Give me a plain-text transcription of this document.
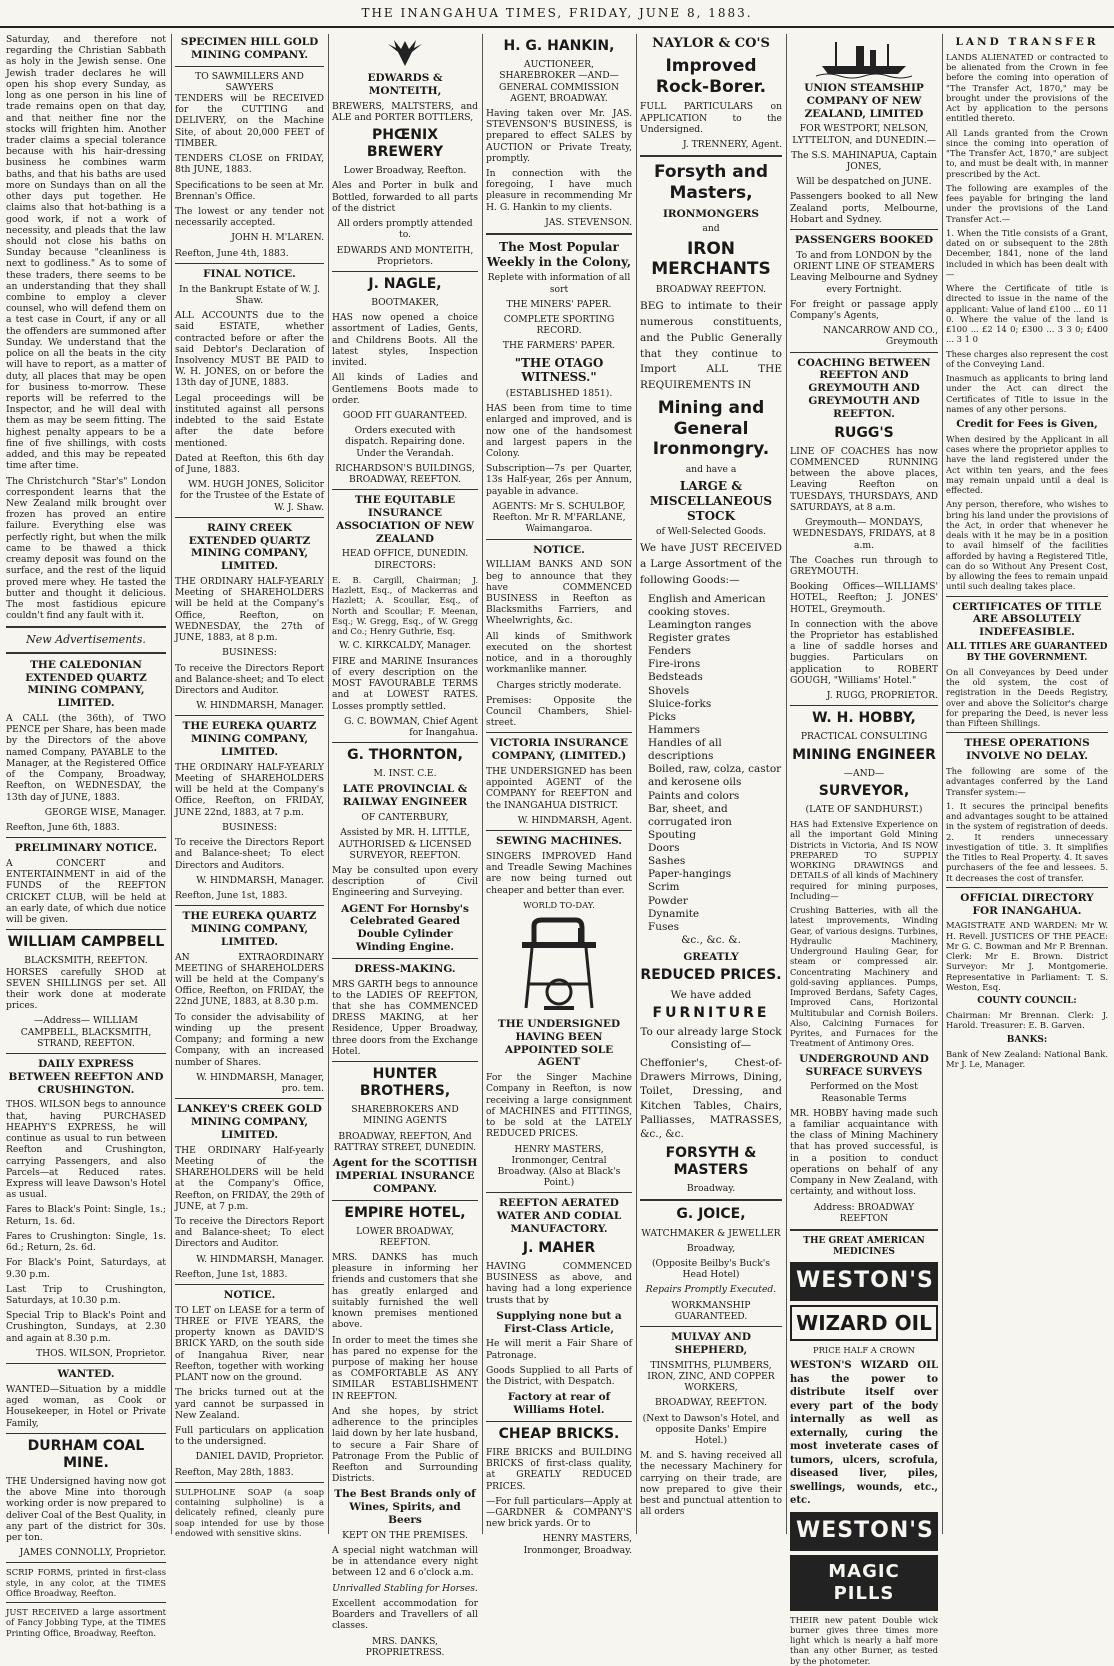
THE INANGAHUA TIMES, FRIDAY, JUNE 8, 1883.

Saturday, and therefore not regarding the Christian Sabbath as holy in the Jewish sense. One Jewish trader declares he will open his shop every Sunday, as long as one person in his line of trade remains open on that day, and that neither fine nor the stocks will frighten him. Another trader claims a special tolerance because with his hair-dressing business he combines warm baths, and that his baths are used more on Sundays than on all the other days put together. He claims also that hot-bathing is a good work, if not a work of necessity, and pleads that the law should not close his baths on Sunday because "cleanliness is next to godliness." As to some of these traders, there seems to be an understanding that they shall combine to employ a clever counsel, who will defend them on a test case in Court, if any or all the offenders are summoned after Sunday. We understand that the police on all the beats in the city will have to report, as a matter of duty, all places that may be open for business to-morrow. These reports will be referred to the Inspector, and he will deal with them as may be seem fitting. The highest penalty appears to be a fine of five shillings, with costs added, and this may be repeated time after time.

The Christchurch "Star's" London correspondent learns that the New Zealand milk brought over frozen has proved an entire failure. Everything else was perfectly right, but when the milk came to be thawed a thick creamy deposit was found on the surface, and the rest of the liquid proved mere whey. He tasted the butter and thought it delicious. The most fastidious epicure couldn't find any fault with it.

New Advertisements.
THE CALEDONIAN EXTENDED QUARTZ MINING COMPANY, LIMITED.

A CALL (the 36th), of TWO PENCE per Share, has been made by the Directors of the above named Company, PAYABLE to the Manager, at the Registered Office of the Company, Broadway, Reefton, on WEDNESDAY, the 13th day of JUNE, 1883.

GEORGE WISE, Manager.

Reefton, June 6th, 1883.

PRELIMINARY NOTICE.

A CONCERT and ENTERTAINMENT in aid of the FUNDS of the REEFTON CRICKET CLUB, will be held at an early date, of which due notice will be given.

WILLIAM CAMPBELL
BLACKSMITH, REEFTON.

HORSES carefully SHOD at SEVEN SHILLINGS per set. All their work done at moderate prices.

—Address— WILLIAM CAMPBELL, BLACKSMITH, STRAND, REEFTON.

DAILY EXPRESS BETWEEN REEFTON AND CRUSHINGTON.

THOS. WILSON begs to announce that, having PURCHASED HEAPHY'S EXPRESS, he will continue as usual to run between Reefton and Crushington, carrying Passengers, and also Parcels—at Reduced rates. Express will leave Dawson's Hotel as usual.

Fares to Black's Point: Single, 1s.; Return, 1s. 6d.

Fares to Crushington: Single, 1s. 6d.; Return, 2s. 6d.

For Black's Point, Saturdays, at 9.30 p.m.

Last Trip to Crushington, Saturdays, at 10.30 p.m.

Special Trip to Black's Point and Crushington, Sundays, at 2.30 and again at 8.30 p.m.

THOS. WILSON, Proprietor.

WANTED.

WANTED—Situation by a middle aged woman, as Cook or Housekeeper, in Hotel or Private Family,

DURHAM COAL MINE.

THE Undersigned having now got the above Mine into thorough working order is now prepared to deliver Coal of the Best Quality, in any part of the district for 30s. per ton.

JAMES CONNOLLY, Proprietor.

SCRIP FORMS, printed in first-class style, in any color, at the TIMES Office Broadway, Reefton.

JUST RECEIVED a large assortment of Fancy Jobbing Type, at the TIMES Printing Office, Broadway, Reefton.

SPECIMEN HILL GOLD MINING COMPANY.
TO SAWMILLERS AND SAWYERS

TENDERS will be RECEIVED for the CUTTING and DELIVERY, on the Machine Site, of about 20,000 FEET of TIMBER.

TENDERS CLOSE on FRIDAY, 8th JUNE, 1883.

Specifications to be seen at Mr. Brennan's Office.

The lowest or any tender not necessarily accepted.

JOHN H. M'LAREN.

Reefton, June 4th, 1883.

FINAL NOTICE.

In the Bankrupt Estate of W. J. Shaw.

ALL ACCOUNTS due to the said ESTATE, whether contracted before or after the said Debtor's Declaration of Insolvency MUST BE PAID to W. H. JONES, on or before the 13th day of JUNE, 1883.

Legal proceedings will be instituted against all persons indebted to the said Estate after the date before mentioned.

Dated at Reefton, this 6th day of June, 1883.

WM. HUGH JONES, Solicitor for the Trustee of the Estate of W. J. Shaw.

RAINY CREEK EXTENDED QUARTZ MINING COMPANY, LIMITED.

THE ORDINARY HALF-YEARLY Meeting of SHAREHOLDERS will be held at the Company's Office, Reefton, on WEDNESDAY, the 27th of JUNE, 1883, at 8 p.m.

BUSINESS:

To receive the Directors Report and Balance-sheet; and To elect Directors and Auditor.

W. HINDMARSH, Manager.

THE EUREKA QUARTZ MINING COMPANY, LIMITED.

THE ORDINARY HALF-YEARLY Meeting of SHAREHOLDERS will be held at the Company's Office, Reefton, on FRIDAY, JUNE 22nd, 1883, at 7 p.m.

BUSINESS:

To receive the Directors Report and Balance-sheet; To elect Directors and Auditors.

W. HINDMARSH, Manager.

Reefton, June 1st, 1883.

THE EUREKA QUARTZ MINING COMPANY, LIMITED.

AN EXTRAORDINARY MEETING of SHAREHOLDERS will be held at the Company's Office, Reefton, on FRIDAY, the 22nd JUNE, 1883, at 8.30 p.m.

To consider the advisability of winding up the present Company; and forming a new Company, with an increased number of Shares.

W. HINDMARSH, Manager, pro. tem.

LANKEY'S CREEK GOLD MINING COMPANY, LIMITED.

THE ORDINARY Half-yearly Meeting of the SHAREHOLDERS will be held at the Company's Office, Reefton, on FRIDAY, the 29th of JUNE, at 7 p.m.

To receive the Directors Report and Balance-sheet; To elect Directors and Auditor.

W. HINDMARSH, Manager.

Reefton, June 1st, 1883.

NOTICE.

TO LET on LEASE for a term of THREE or FIVE YEARS, the property known as DAVID'S BRICK YARD, on the south side of Inangahua River, near Reefton, together with working PLANT now on the ground.

The bricks turned out at the yard cannot be surpassed in New Zealand.

Full particulars on application to the undersigned.

DANIEL DAVID, Proprietor.

Reefton, May 28th, 1883.

SULPHOLINE SOAP (a soap containing sulpholine) is a delicately refined, cleanly pure soap intended for use by those endowed with sensitive skins.

EDWARDS & MONTEITH,

BREWERS, MALTSTERS, and ALE and PORTER BOTTLERS,

PHŒNIX BREWERY

Lower Broadway, Reefton.

Ales and Porter in bulk and Bottled, forwarded to all parts of the district

All orders promptly attended to.

EDWARDS AND MONTEITH, Proprietors.

J. NAGLE,

BOOTMAKER,

HAS now opened a choice assortment of Ladies, Gents, and Childrens Boots. All the latest styles, Inspection invited.

All kinds of Ladies and Gentlemens Boots made to order.

GOOD FIT GUARANTEED.

Orders executed with dispatch. Repairing done. Under the Verandah.

RICHARDSON'S BUILDINGS, BROADWAY, REEFTON.

THE EQUITABLE INSURANCE ASSOCIATION OF NEW ZEALAND

HEAD OFFICE, DUNEDIN. DIRECTORS:

E. B. Cargill, Chairman; J. Hazlett, Esq., of Mackerras and Hazlett; A. Scoullar, Esq., of North and Scoullar; F. Meenan, Esq.; W. Gregg, Esq., of W. Gregg and Co.; Henry Guthrie, Esq.

W. C. KIRKCALDY, Manager.

FIRE and MARINE Insurances of every description on the MOST FAVOURABLE TERMS and at LOWEST RATES. Losses promptly settled.

G. C. BOWMAN, Chief Agent for Inangahua.

G. THORNTON,

M. INST. C.E.

LATE PROVINCIAL & RAILWAY ENGINEER

OF CANTERBURY,

Assisted by MR. H. LITTLE, AUTHORISED & LICENSED SURVEYOR, REEFTON.

May be consulted upon every description of Civil Engineering and Surveying.

AGENT For Hornsby's Celebrated Geared Double Cylinder Winding Engine.
DRESS-MAKING.

MRS GARTH begs to announce to the LADIES OF REEFTON, that she has COMMENCED DRESS MAKING, at her Residence, Upper Broadway, three doors from the Exchange Hotel.

HUNTER BROTHERS,

SHAREBROKERS AND MINING AGENTS

BROADWAY, REEFTON, And RATTRAY STREET, DUNEDIN.

Agent for the SCOTTISH IMPERIAL INSURANCE COMPANY.
EMPIRE HOTEL,

LOWER BROADWAY, REEFTON.

MRS. DANKS has much pleasure in informing her friends and customers that she has greatly enlarged and suitably furnished the well known premises mentioned above.

In order to meet the times she has pared no expense for the purpose of making her house as COMFORTABLE AS ANY SIMILAR ESTABLISHMENT IN REEFTON.

And she hopes, by strict adherence to the principles laid down by her late husband, to secure a Fair Share of Patronage From the Public of Reefton and Surrounding Districts.

The Best Brands only of Wines, Spirits, and Beers

KEPT ON THE PREMISES.

A special night watchman will be in attendance every night between 12 and 6 o'clock a.m.

Unrivalled Stabling for Horses.

Excellent accommodation for Boarders and Travellers of all classes.

MRS. DANKS, PROPRIETRESS.

H. G. HANKIN,

AUCTIONEER, SHAREBROKER —AND— GENERAL COMMISSION AGENT, BROADWAY.

Having taken over Mr. JAS. STEVENSON'S BUSINESS, is prepared to effect SALES by AUCTION or Private Treaty, promptly.

In connection with the foregoing, I have much pleasure in recommending Mr H. G. Hankin to my clients.

JAS. STEVENSON.

The Most Popular Weekly in the Colony,

Replete with information of all sort

THE MINERS' PAPER.

COMPLETE SPORTING RECORD.

THE FARMERS' PAPER.

"THE OTAGO WITNESS."

(ESTABLISHED 1851).

HAS been from time to time enlarged and improved, and is now one of the handsomest and largest papers in the Colony.

Subscription—7s per Quarter, 13s Half-year, 26s per Annum, payable in advance.

AGENTS: Mr S. SCHULBOF, Reefton. Mr R. M'FARLANE, Waimangaroa.

NOTICE.

WILLIAM BANKS AND SON beg to announce that they have COMMENCED BUSINESS in Reefton as Blacksmiths Farriers, and Wheelwrights, &c.

All kinds of Smithwork executed on the shortest notice, and in a thoroughly workmanlike manner.

Charges strictly moderate.

Premises: Opposite the Council Chambers, Shiel-street.

VICTORIA INSURANCE COMPANY, (LIMITED.)

THE UNDERSIGNED has been appointed AGENT of the COMPANY for REEFTON and the INANGAHUA DISTRICT.

W. HINDMARSH, Agent.

SEWING MACHINES.

SINGERS IMPROVED Hand and Treadle Sewing Machines are now being turned out cheaper and better than ever.

WORLD TO-DAY.

THE UNDERSIGNED HAVING BEEN APPOINTED SOLE AGENT

For the Singer Machine Company in Reefton, is now receiving a large consignment of MACHINES and FITTINGS, to be sold at the LATELY REDUCED PRICES.

HENRY MASTERS, Ironmonger, Central Broadway. (Also at Black's Point.)

REEFTON AERATED WATER AND CODIAL MANUFACTORY.
J. MAHER

HAVING COMMENCED BUSINESS as above, and having had a long experience trusts that by

Supplying none but a First-Class Article,

He will merit a Fair Share of Patronage.

Goods Supplied to all Parts of the District, with Despatch.

Factory at rear of Williams Hotel.
CHEAP BRICKS.

FIRE BRICKS and BUILDING BRICKS of first-class quality, at GREATLY REDUCED PRICES.

—For full particulars—Apply at—GARDNER & COMPANY'S new brick yards. Or to

HENRY MASTERS, Ironmonger, Broadway.

NAYLOR & CO'S
Improved Rock-Borer.

FULL PARTICULARS on APPLICATION to the Undersigned.

J. TRENNERY, Agent.

Forsyth and Masters,
IRONMONGERS
and
IRON MERCHANTS

BROADWAY REEFTON.

BEG to intimate to their numerous constituents, and the Public Generally that they continue to Import ALL THE REQUIREMENTS IN

Mining and General Ironmongry.

and have a

LARGE & MISCELLANEOUS STOCK

of Well-Selected Goods.

We have JUST RECEIVED a Large Assortment of the following Goods:—

English and American cooking stoves.
Leamington ranges
Register grates
Fenders
Fire-irons
Bedsteads
Shovels
Sluice-forks
Picks
Hammers
Handles of all descriptions
Boiled, raw, colza, castor and kerosene oils
Paints and colors
Bar, sheet, and corrugated iron
Spouting
Doors
Sashes
Paper-hangings
Scrim
Powder
Dynamite
Fuses

&c., &c. &.

GREATLY
REDUCED PRICES.

We have added

FURNITURE

To our already large Stock Consisting of—

Cheffonier's, Chest-of-Drawers Mirrows, Dining, Toilet, Dressing, and Kitchen Tables, Chairs, Palliasses, MATRASSES, &c., &c.

FORSYTH & MASTERS

Broadway.

G. JOICE,

WATCHMAKER & JEWELLER

Broadway,

(Opposite Beilby's Buck's Head Hotel)

Repairs Promptly Executed.

WORKMANSHIP GUARANTEED.

MULVAY AND SHEPHERD,

TINSMITHS, PLUMBERS, IRON, ZINC, AND COPPER WORKERS,

BROADWAY, REEFTON.

(Next to Dawson's Hotel, and opposite Danks' Empire Hotel.)

M. and S. having received all the necessary Machinery for carrying on their trade, are now prepared to give their best and punctual attention to all orders

UNION STEAMSHIP COMPANY OF NEW ZEALAND, LIMITED

FOR WESTPORT, NELSON, LYTTELTON, and DUNEDIN.—

The S.S. MAHINAPUA, Captain JONES,

Will be despatched on JUNE.

Passengers booked to all New Zealand ports, Melbourne, Hobart and Sydney.

PASSENGERS BOOKED

To and from LONDON by the ORIENT LINE OF STEAMERS Leaving Melbourne and Sydney every Fortnight.

For freight or passage apply Company's Agents,

NANCARROW AND CO., Greymouth

COACHING BETWEEN REEFTON AND GREYMOUTH AND GREYMOUTH AND REEFTON.
RUGG'S

LINE OF COACHES has now COMMENCED RUNNING between the above places, Leaving Reefton on TUESDAYS, THURSDAYS, AND SATURDAYS, at 8 a.m.

Greymouth— MONDAYS, WEDNESDAYS, FRIDAYS, at 8 a.m.

The Coaches run through to GREYMOUTH.

Booking Offices—WILLIAMS' HOTEL, Reefton; J. JONES' HOTEL, Greymouth.

In connection with the above the Proprietor has established a line of saddle horses and buggies. Particulars on application to ROBERT GOUGH, "Williams' Hotel."

J. RUGG, PROPRIETOR.

W. H. HOBBY,

PRACTICAL CONSULTING

MINING ENGINEER

—AND—

SURVEYOR,

(LATE OF SANDHURST.)

HAS had Extensive Experience on all the important Gold Mining Districts in Victoria, And IS NOW PREPARED TO SUPPLY WORKING DRAWINGS and DETAILS of all kinds of Machinery required for mining purposes, Including—

Crushing Batteries, with all the latest improvements, Winding Gear, of various designs. Turbines, Hydraulic Machinery, Underground Hauling Gear, for steam or compressed air. Concentrating Machinery and gold-saving appliances. Pumps, Improved Berdans, Safety Cages, Improved Cans, Horizontal Multitubular and Cornish Boilers. Also, Calcining Furnaces for Pyrites, and Furnaces for the Treatment of Antimony Ores.

UNDERGROUND AND SURFACE SURVEYS

Performed on the Most Reasonable Terms

MR. HOBBY having made such a familiar acquaintance with the class of Mining Machinery that has proved successful, is in a position to conduct operations on behalf of any Company in New Zealand, with certainty, and without loss.

Address: BROADWAY REEFTON

THE GREAT AMERICAN MEDICINES
WESTON'S
WIZARD OIL

PRICE HALF A CROWN

WESTON'S WIZARD OIL has the power to distribute itself over every part of the body internally as well as externally, curing the most inveterate cases of tumors, ulcers, scrofula, diseased liver, piles, swellings, wounds, etc., etc.

WESTON'S
MAGIC PILLS

THEIR new patent Double wick burner gives three times more light which is nearly a half more than any other Burner, as tested by the photometer.

LAND TRANSFER

LANDS ALIENATED or contracted to be alienated from the Crown in fee before the coming into operation of "The Transfer Act, 1870," may be brought under the provisions of the Act by application to the persons entitled thereto.

All Lands granted from the Crown since the coming into operation of "The Transfer Act, 1870," are subject to, and must be dealt with, in manner prescribed by the Act.

The following are examples of the fees payable for bringing the land under the provisions of the Land Transfer Act.—

1. When the Title consists of a Grant, dated on or subsequent to the 28th December, 1841, none of the land included in which has been dealt with—

Where the Certificate of title is directed to issue in the name of the applicant: Value of land £100 ... £0 11 0. Where the value of the land is £100 ... £2 14 0; £300 ... 3 3 0; £400 ... 3 1 0

These charges also represent the cost of the Conveying Land.

Inasmuch as applicants to bring land under the Act can direct the Certificates of Title to issue in the names of any other persons.

Credit for Fees is Given,

When desired by the Applicant in all cases where the proprietor applies to have the land registered under the Act within ten years, and the fees may remain unpaid until a deal is effected.

Any person, therefore, who wishes to bring his land under the provisions of the Act, in order that whenever he deals with it he may be in a position to avail himself of the facilities afforded by having a Registered Title, can do so Without Any Present Cost, by allowing the fees to remain unpaid until such dealing takes place.

CERTIFICATES OF TITLE ARE ABSOLUTELY INDEFEASIBLE.
ALL TITLES ARE GUARANTEED BY THE GOVERNMENT.

On all Conveyances by Deed under the old system, the cost of registration in the Deeds Registry, over and above the Solicitor's charge for preparing the Deed, is never less than Fifteen Shillings.

THESE OPERATIONS INVOLVE NO DELAY.

The following are some of the advantages conferred by the Land Transfer system:—

1. It secures the principal benefits and advantages sought to be attained in the system of registration of deeds. 2. It renders unnecessary investigation of title. 3. It simplifies the Titles to Real Property. 4. It saves purchasers of the fee and lessees. 5. It decreases the cost of transfer.

OFFICIAL DIRECTORY FOR INANGAHUA.

MAGISTRATE AND WARDEN: Mr W. H. Revell. JUSTICES OF THE PEACE: Mr G. C. Bowman and Mr P. Brennan. Clerk: Mr E. Brown. District Surveyor: Mr J. Montgomerie. Representative in Parliament: T. S. Weston, Esq.

COUNTY COUNCIL:

Chairman: Mr Brennan. Clerk: J. Harold. Treasurer: E. B. Garven.

BANKS:

Bank of New Zealand: National Bank. Mr J. Le, Manager.
